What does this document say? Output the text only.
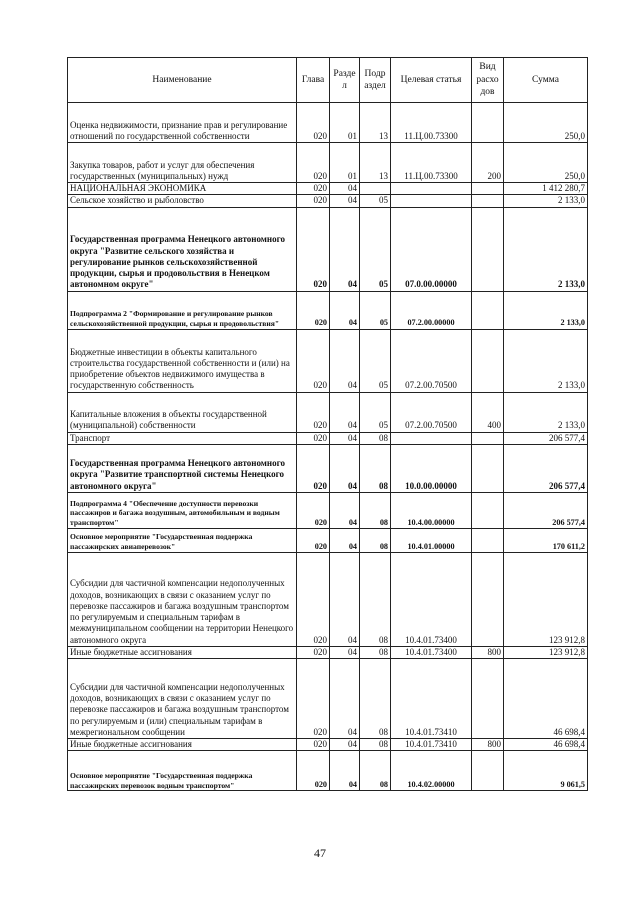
Наименование	Глава	Разде л	Подр аздел	Целевая статья	Вид расхо дов	Сумма
Оценка недвижимости, признание прав и регулирование отношений по государственной собственности	020	01	13	11.Ц.00.73300		250,0
Закупка товаров, работ и услуг для обеспечения государственных (муниципальных) нужд	020	01	13	11.Ц.00.73300	200	250,0
НАЦИОНАЛЬНАЯ ЭКОНОМИКА	020	04				1 412 280,7
Сельское хозяйство и рыболовство	020	04	05			2 133,0
Государственная программа Ненецкого автономного округа "Развитие сельского хозяйства и регулирование рынков сельскохозяйственной продукции, сырья и продовольствия в Ненецком автономном округе"	020	04	05	07.0.00.00000		2 133,0
Подпрограмма 2 "Формирование и регулирование рынков сельскохозяйственной продукции, сырья и продовольствия"	020	04	05	07.2.00.00000		2 133,0
Бюджетные инвестиции в объекты капитального строительства государственной собственности и (или) на приобретение объектов недвижимого имущества в государственную собственность	020	04	05	07.2.00.70500		2 133,0
Капитальные вложения в объекты государственной (муниципальной) собственности	020	04	05	07.2.00.70500	400	2 133,0
Транспорт	020	04	08			206 577,4
Государственная программа Ненецкого автономного округа "Развитие транспортной системы Ненецкого автономного округа"	020	04	08	10.0.00.00000		206 577,4
Подпрограмма 4 "Обеспечение доступности перевозки пассажиров и багажа воздушным, автомобильным и водным транспортом"	020	04	08	10.4.00.00000		206 577,4
Основное мероприятие "Государственная поддержка пассажирских авиаперевозок"	020	04	08	10.4.01.00000		170 611,2
Субсидии для частичной компенсации недополученных доходов, возникающих в связи с оказанием услуг по перевозке пассажиров и багажа воздушным транспортом по регулируемым и специальным тарифам в межмуниципальном сообщении на территории Ненецкого автономного округа	020	04	08	10.4.01.73400		123 912,8
Иные бюджетные ассигнования	020	04	08	10.4.01.73400	800	123 912,8
Субсидии для частичной компенсации недополученных доходов, возникающих в связи с оказанием услуг по перевозке пассажиров и багажа воздушным транспортом по регулируемым и (или) специальным тарифам в межрегиональном сообщении	020	04	08	10.4.01.73410		46 698,4
Иные бюджетные ассигнования	020	04	08	10.4.01.73410	800	46 698,4
Основное мероприятие "Государственная поддержка пассажирских перевозок водным транспортом"	020	04	08	10.4.02.00000		9 061,5
47
